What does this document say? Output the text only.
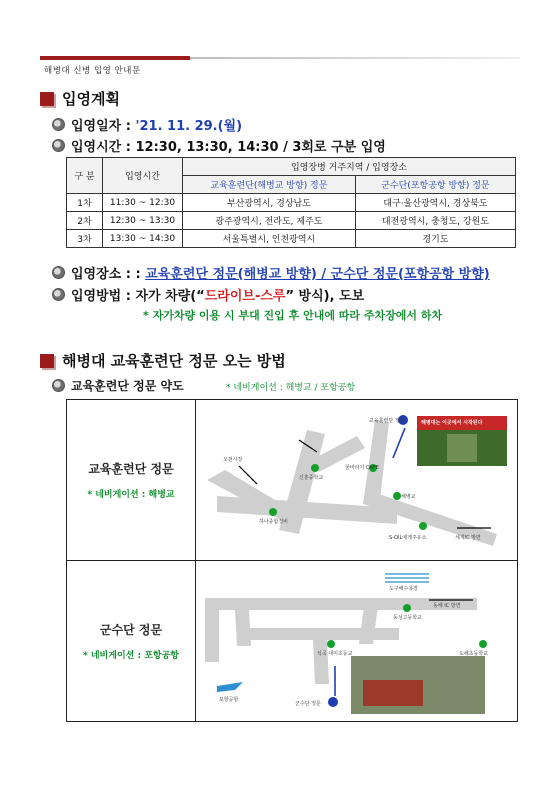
해병대 신병 입영 안내문
입영계획
입영일자 :
'21. 11. 29.(월)
입영시간 :
12:30, 13:30, 14:30 / 3회로 구분 입영
구 분	입영시간	입영장병 거주지역 / 입영장소	
		교육훈련단(해병교 방향) 정문	군수단(포항공항 방향) 정문
1차	11:30 ~ 12:30	부산광역시, 경상남도	대구·울산광역시, 경상북도
2차	12:30 ~ 13:30	광주광역시, 전라도, 제주도	대전광역시, 충청도, 강원도
3차	13:30 ~ 14:30	서울특별시, 인천광역시	경기도
입영장소 : :
교육훈련단 정문(해병교 방향) / 군수단 정문(포항공항 방향)
입영방법 : 자가 차량(“ 드라이브-스루 ” 방식), 도보
* 자가차량 이용 시 부대 진입 후 안내에 따라 주차장에서 하차
해병대 교육훈련단 정문 오는 방법
교육훈련단 정문 약도	* 네비게이션 : 해병교 / 포항공항
교육훈련단 정문
* 네비게이션 : 해병교
군수단 정문
* 네비게이션 : 포항공항
교육훈련단 정문
오천시장
신흥중학교
꿈바라기 CAFE
해병교
하나종합정비
S-OIL에게주유소	세계IC 방면
해병대는 이곳에서 시작된다
도구해수욕장
동해 IC 방면
동성고등학교
석곡 대미초등교	도해초등학교
포항공항
군수단 정문
